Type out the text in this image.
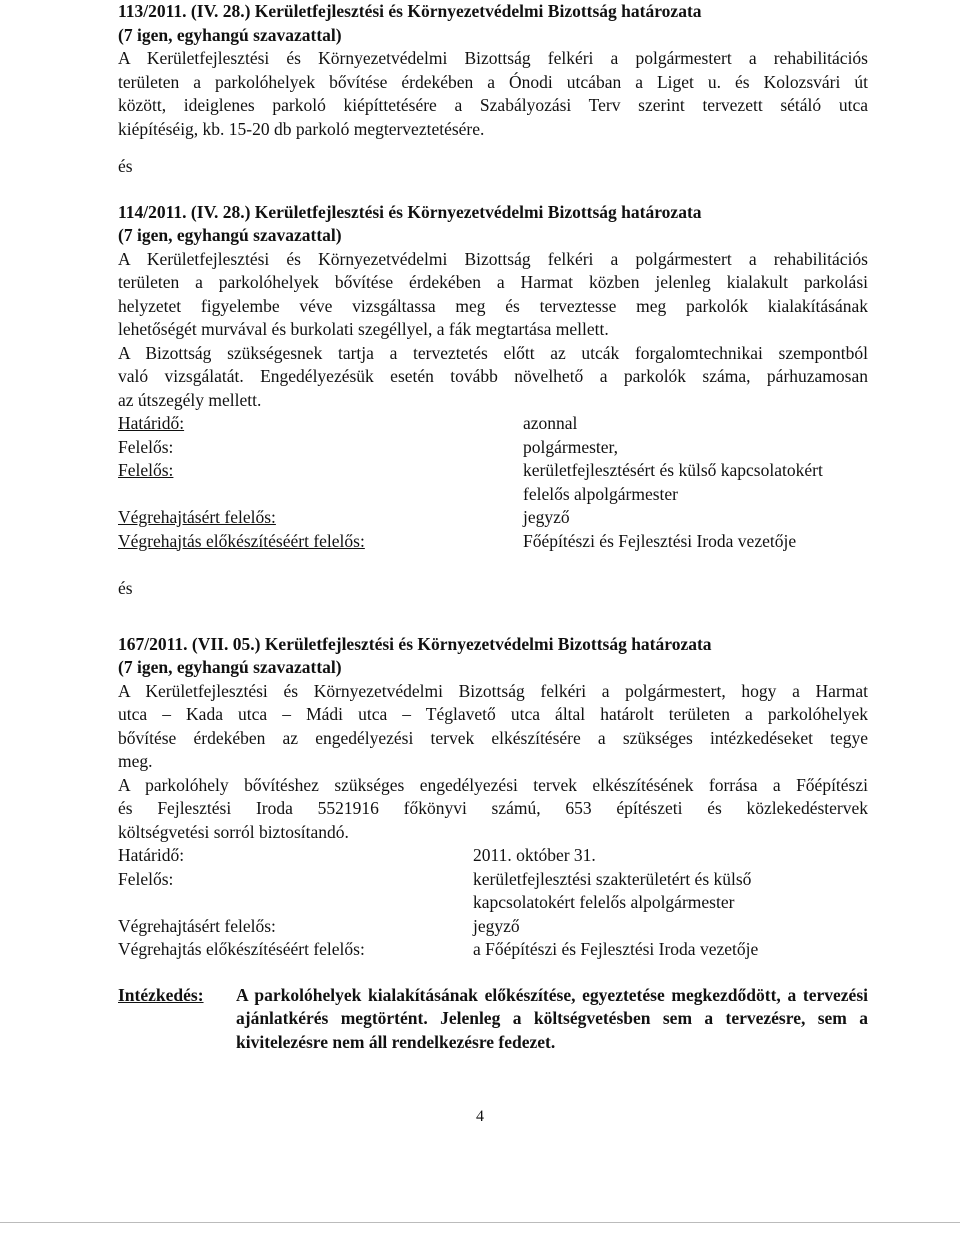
113/2011. (IV. 28.) Kerületfejlesztési és Környezetvédelmi Bizottság határozata
(7 igen, egyhangú szavazattal)
A Kerületfejlesztési és Környezetvédelmi Bizottság felkéri a polgármestert a rehabilitációs
területen a parkolóhelyek bővítése érdekében a Ónodi utcában a Liget u. és Kolozsvári út
között, ideiglenes parkoló kiépíttetésére a Szabályozási Terv szerint tervezett sétáló utca
kiépítéséig, kb. 15-20 db parkoló megterveztetésére.
és
114/2011. (IV. 28.) Kerületfejlesztési és Környezetvédelmi Bizottság határozata
(7 igen, egyhangú szavazattal)
A Kerületfejlesztési és Környezetvédelmi Bizottság felkéri a polgármestert a rehabilitációs
területen a parkolóhelyek bővítése érdekében a Harmat közben jelenleg kialakult parkolási
helyzetet figyelembe véve vizsgáltassa meg és terveztesse meg parkolók kialakításának
lehetőségét murvával és burkolati szegéllyel, a fák megtartása mellett.
A Bizottság szükségesnek tartja a terveztetés előtt az utcák forgalomtechnikai szempontból
való vizsgálatát. Engedélyezésük esetén tovább növelhető a parkolók száma, párhuzamosan
az útszegély mellett.
Határidő:	azonnal
Felelős:	polgármester,
Felelős:	kerületfejlesztésért és külső kapcsolatokért
felelős alpolgármester
Végrehajtásért felelős:	jegyző
Végrehajtás előkészítéséért felelős:	Főépítészi és Fejlesztési Iroda vezetője
és
167/2011. (VII. 05.) Kerületfejlesztési és Környezetvédelmi Bizottság határozata
(7 igen, egyhangú szavazattal)
A Kerületfejlesztési és Környezetvédelmi Bizottság felkéri a polgármestert, hogy a Harmat
utca – Kada utca – Mádi utca – Téglavető utca által határolt területen a parkolóhelyek
bővítése érdekében az engedélyezési tervek elkészítésére a szükséges intézkedéseket tegye
meg.
A parkolóhely bővítéshez szükséges engedélyezési tervek elkészítésének forrása a Főépítészi
és Fejlesztési Iroda 5521916 főkönyvi számú, 653 építészeti és közlekedéstervek
költségvetési sorról biztosítandó.
Határidő:	2011. október 31.
Felelős:	kerületfejlesztési szakterületért és külső
kapcsolatokért felelős alpolgármester
Végrehajtásért felelős:	jegyző
Végrehajtás előkészítéséért felelős:	a Főépítészi és Fejlesztési Iroda vezetője
Intézkedés:	A parkolóhelyek kialakításának előkészítése, egyeztetése megkezdődött, a tervezési ajánlatkérés megtörtént. Jelenleg a költségvetésben sem a tervezésre, sem a kivitelezésre nem áll rendelkezésre fedezet.
4
